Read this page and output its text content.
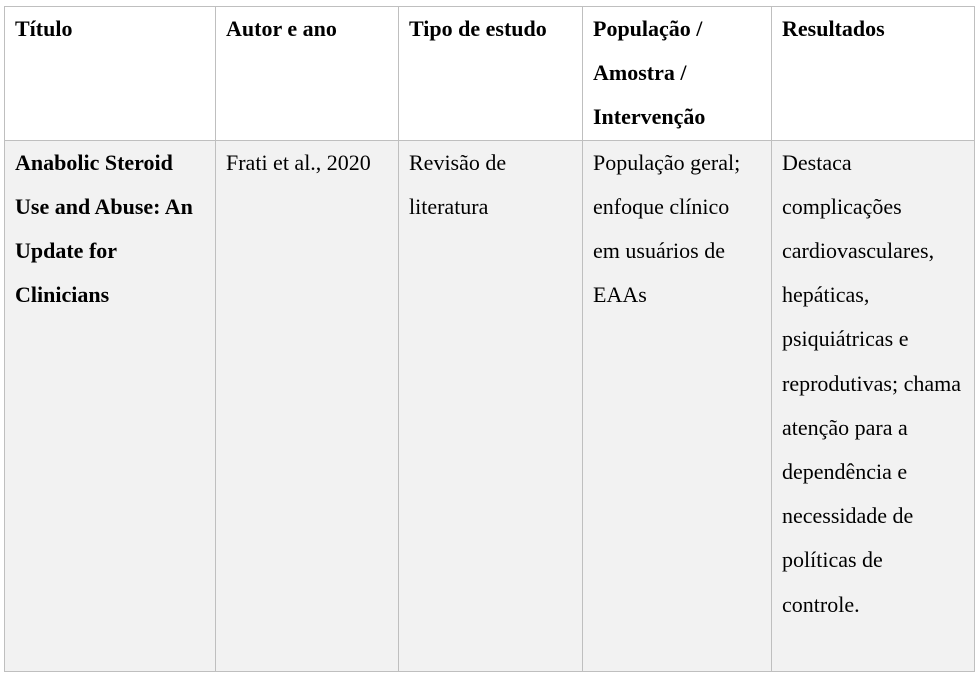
Título	Autor e ano	Tipo de estudo	População / Amostra / Intervenção	Resultados
Anabolic Steroid Use and Abuse: An Update for Clinicians	Frati et al., 2020	Revisão de literatura	População geral; enfoque clínico em usuários de EAAs	Destaca complicações cardiovasculares, hepáticas, psiquiátricas e reprodutivas; chama atenção para a dependência e necessidade de políticas de controle.
